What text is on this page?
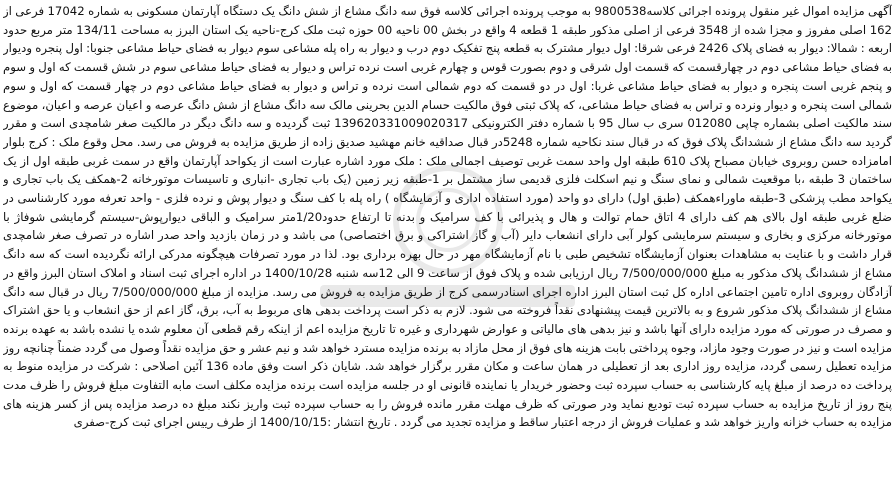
آگهی مزایده اموال غیر منقول پرونده اجرائی کلاسه9800538 به موجب پرونده اجرائی کلاسه فوق سه دانگ مشاع از شش دانگ یک دستگاه آپارتمان مسکونی به شماره 17042 فرعی از 162 اصلی مفروز و مجزا شده از 3548 فرعی از اصلی مذکور طبقه 1 قطعه 4 واقع در بخش 00 ناحیه 00 حوزه ثبت ملک کرج-ناحیه یک استان البرز به مساحت 134/11 متر مربع حدود اربعه : شمالا: دیوار به فضای پلاک 2426 فرعی شرقا: اول دیوار مشترک به قطعه پنج تفکیک دوم درب و دیوار به راه پله مشاعی سوم دیوار به فضای حیاط مشاعی جنوبا: اول پنجره ودیوار به فضای حیاط مشاعی دوم در چهارقسمت که قسمت اول شرقی و دوم بصورت قوس و چهارم غربی است نرده تراس و دیوار به فضای حیاط مشاعی سوم در شش قسمت که اول و سوم و پنجم غربی است پنجره و دیوار به فضای حیاط مشاعی غربا: اول در دو قسمت که دوم شمالی است نرده و تراس و دیوار به فضای حیاط مشاعی دوم در چهار قسمت که اول و سوم شمالی است پنجره و دیوار ونرده و تراس به فضای حیاط مشاعی، که پلاک ثبتی فوق مالکیت حسام الدین بحرینی مالک سه دانگ مشاع از شش دانگ عرصه و اعیان عرصه و اعیان، موضوع سند مالکیت اصلی بشماره چاپی 012080 سری ب سال 95 با شماره دفتر الکترونیکی 139620331009020317 ثبت گردیده و سه دانگ دیگر در مالکیت صغر شامچدی است و مقرر گردید سه دانگ مشاع از ششدانگ پلاک فوق که در قبال سند نکاحیه شماره 5248در قبال صداقیه خانم مهشید صدیق زاده از طریق مزایده به فروش می رسد. محل وقوع ملک : کرج بلوار امامزاده حسن روبروی خیابان مصباح پلاک 610 طبقه اول واحد سمت غربی توصیف اجمالی ملک : ملک مورد اشاره عبارت است از یکواحد آپارتمان واقع در سمت غربی طبقه اول از یک ساختمان 3 طبقه ،با موقعیت شمالی و نمای سنگ و نیم اسکلت فلزی قدیمی ساز مشتمل بر 1-طبقه زیر زمین (یک باب تجاری -انباری و تاسیسات موتورخانه 2-همکف یک باب تجاری و یکواحد مطب پزشکی 3-طبقه ماوراءهمکف (طبق اول) دارای دو واحد (مورد استفاده اداری و آزمایشگاه ) راه پله با کف سنگ و دیوار پوش و نرده فلزی - واحد تعرفه مورد کارشناسی در ضلع غربی طبقه اول بالای هم کف دارای 4 اتاق حمام توالت و هال و پذیرائی با کف سرامیک و بدنه تا ارتفاع حدود1/20متر سرامیک و الباقی دیوارپوش-سیستم گرمایشی شوفاژ با موتورخانه مرکزی و بخاری و سیستم سرمایشی کولر آبی دارای انشعاب دایر (آب و گاز اشتراکی و برق اختصاصی) می باشد و در زمان بازدید واحد صدر اشاره در تصرف صغر شامچدی قرار داشت و با عنایت به مشاهدات بعنوان آزمایشگاه تشخیص طبی با نام آزمایشگاه مهر در حال بهره برداری بود. لذا در مورد تصرفات هیچگونه مدرکی ارائه نگردیده است که سه دانگ مشاع از ششدانگ پلاک مذکور به مبلغ 7/500/000/000 ریال ارزیابی شده و پلاک فوق از ساعت 9 الی 12سه شنبه 1400/10/28 در اداره اجرای ثبت اسناد و املاک استان البرز واقع در آزادگان روبروی اداره تامین اجتماعی اداره کل ثبت استان البرز اداره اجرای اسنادرسمی کرج از طریق مزایده به فروش می رسد. مزایده از مبلغ 7/500/000/000 ریال در قبال سه دانگ مشاع از ششدانگ پلاک مذکور شروع و به بالاترین قیمت پیشنهادی نقداً فروخته می شود. لازم به ذکر است پرداخت بدهی های مربوط به آب، برق، گاز اعم از حق انشعاب و یا حق اشتراک و مصرف در صورتی که مورد مزایده دارای آنها باشد و نیز بدهی های مالیاتی و عوارض شهرداری و غیره تا تاریخ مزایده اعم از اینکه رقم قطعی آن معلوم شده یا نشده باشد به عهده برنده مزایده است و نیز در صورت وجود مازاد، وجوه پرداختی بابت هزینه های فوق از محل مازاد به برنده مزایده مسترد خواهد شد و نیم عشر و حق مزایده نقداً وصول می گردد ضمناً چنانچه روز مزایده تعطیل رسمی گردد، مزایده روز اداری بعد از تعطیلی در همان ساعت و مکان مقرر برگزار خواهد شد. شایان ذکر است وفق ماده 136 آئین اصلاحی : شرکت در مزایده منوط به پرداخت ده درصد از مبلغ پایه کارشناسی به حساب سپرده ثبت وحضور خریدار یا نماینده قانونی او در جلسه مزایده است برنده مزایده مکلف است مابه التفاوت مبلغ فروش را ظرف مدت پنج روز از تاریخ مزایده به حساب سپرده ثبت تودیع نماید ودر صورتی که ظرف مهلت مقرر مانده فروش را به حساب سپرده ثبت واریز نکند مبلغ ده درصد مزایده پس از کسر هزینه های مزایده به حساب خزانه واریز خواهد شد و عملیات فروش از درجه اعتبار ساقط و مزایده تجدید می گردد . تاریخ انتشار :1400/10/15 از طرف رییس اجرای ثبت کرج-صفری
